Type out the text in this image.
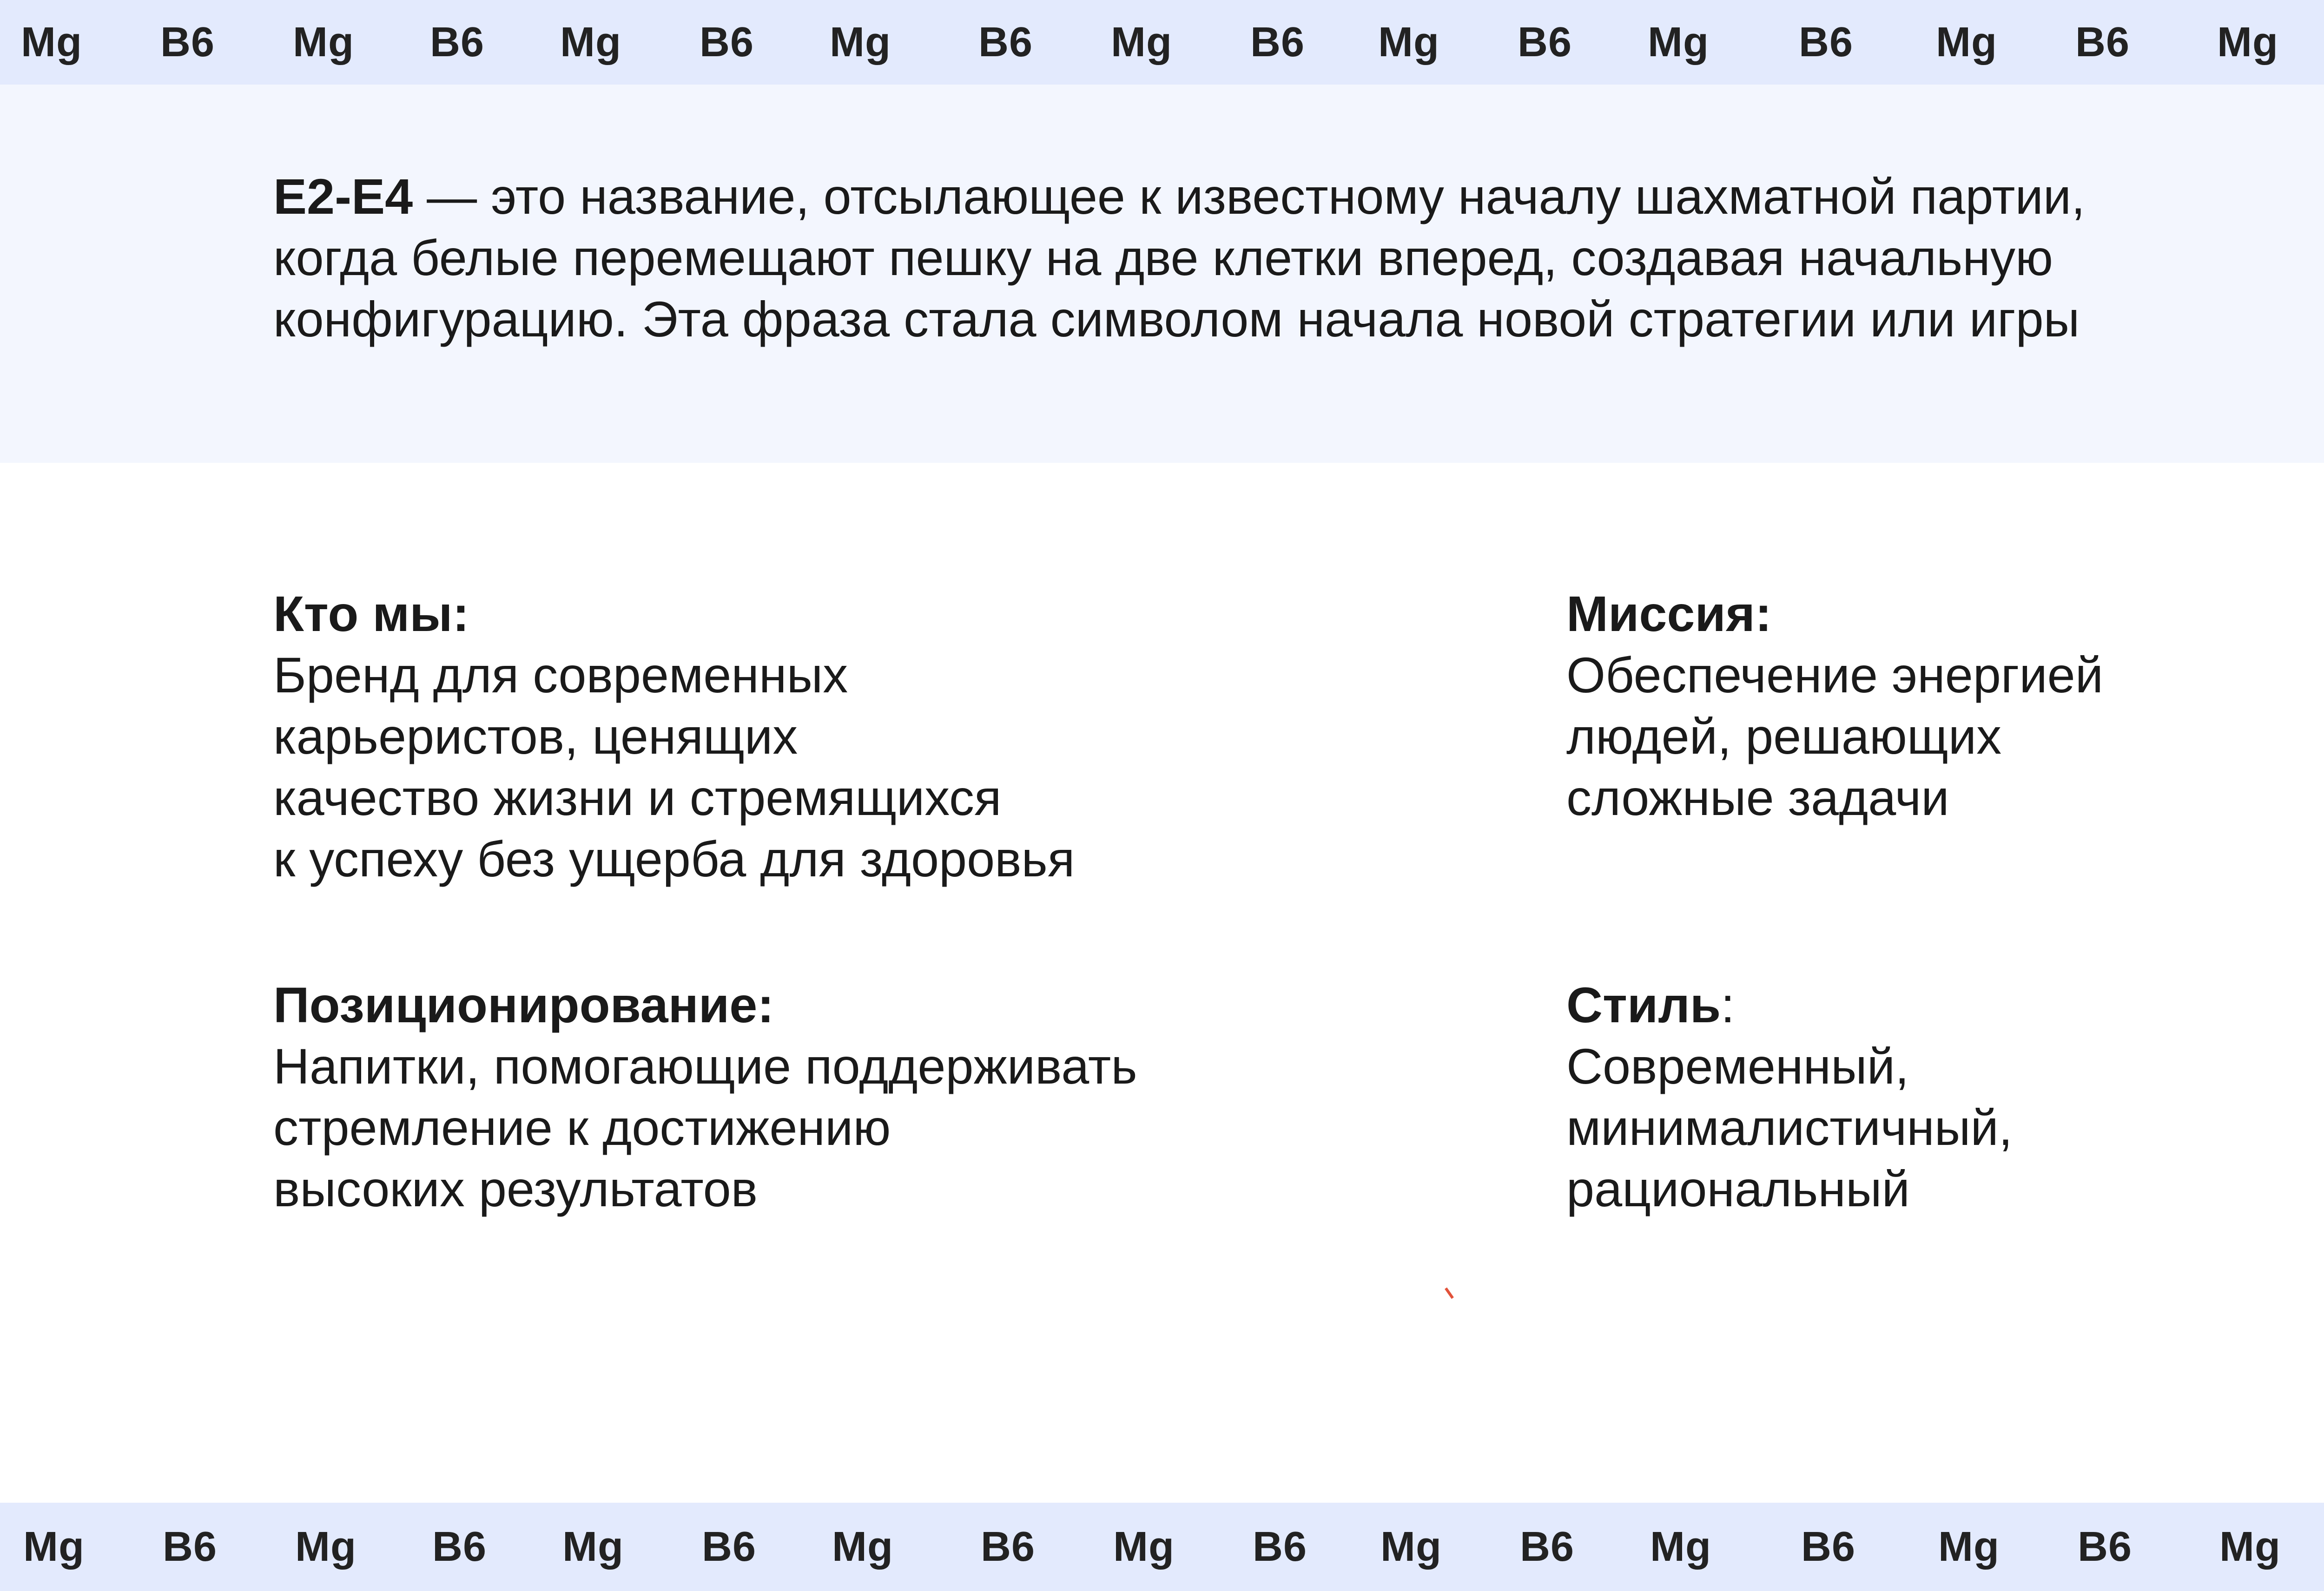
Mg B6 Mg B6 Mg B6 Mg B6 Mg B6 Mg B6 Mg B6 Mg B6 Mg
E2-E4 — это название, отсылающее к известному началу шахматной партии,
когда белые перемещают пешку на две клетки вперед, создавая начальную
конфигурацию. Эта фраза стала символом начала новой стратегии или игры
Кто мы:
Бренд для современных
карьеристов, ценящих
качество жизни и стремящихся
к успеху без ущерба для здоровья
Миссия:
Обеспечение энергией
людей, решающих
сложные задачи
Позиционирование:
Напитки, помогающие поддерживать
стремление к достижению
высоких результатов
Стиль:
Современный,
минималистичный,
рациональный
Mg B6 Mg B6 Mg B6 Mg B6 Mg B6 Mg B6 Mg B6 Mg B6 Mg
